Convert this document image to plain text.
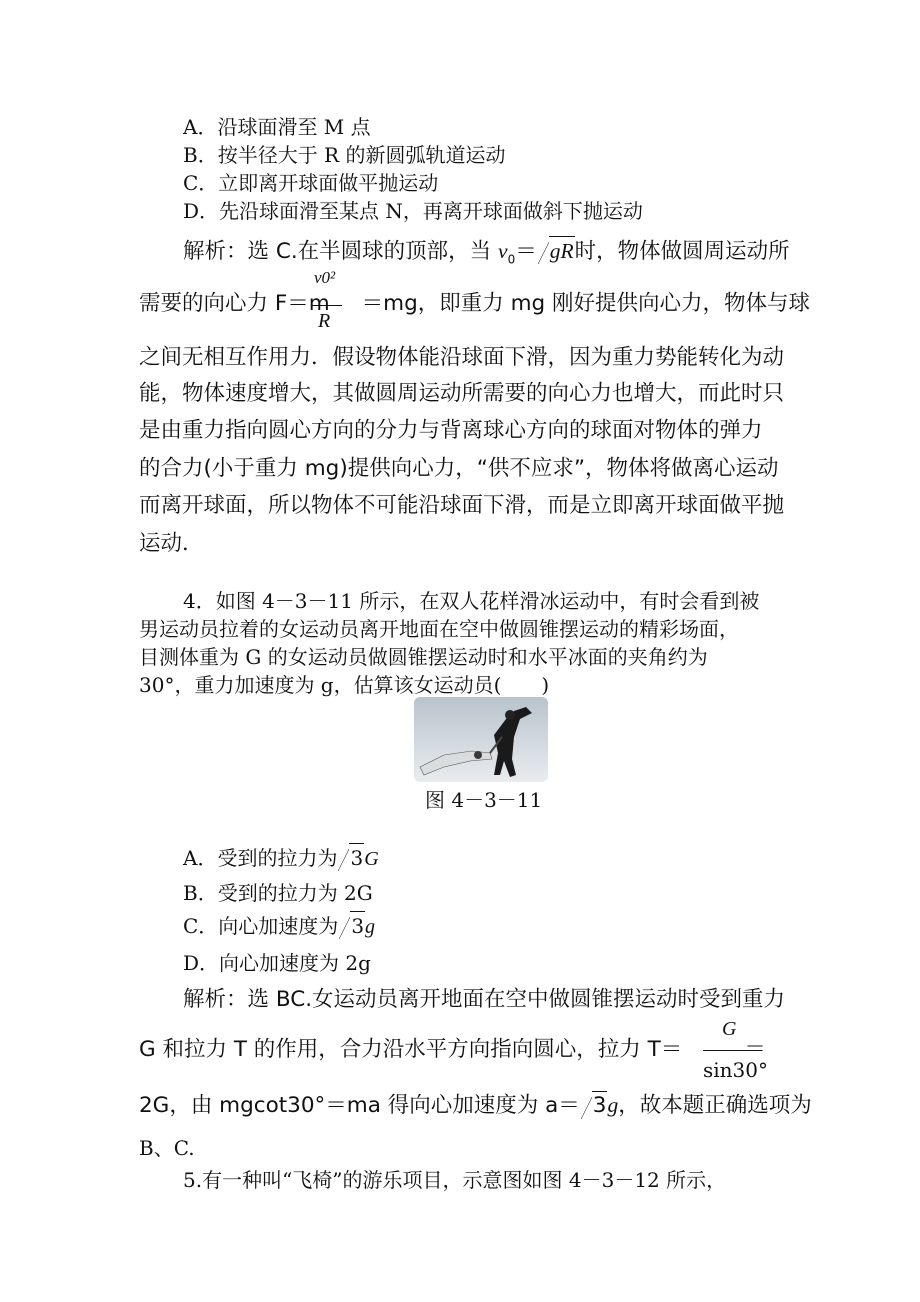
A．沿球面滑至 M 点
B．按半径大于 R 的新圆弧轨道运动
C．立即离开球面做平抛运动
D．先沿球面滑至某点 N，再离开球面做斜下抛运动
解析：选 C.在半圆球的顶部，当 $v_0=$ gR时，物体做圆周运动所
v0²
R
需要的向心力 F＝m ＝mg，即重力 mg 刚好提供向心力，物体与球
之间无相互作用力．假设物体能沿球面下滑，因为重力势能转化为动
能，物体速度增大，其做圆周运动所需要的向心力也增大，而此时只
是由重力指向圆心方向的分力与背离球心方向的球面对物体的弹力
的合力(小于重力 mg)提供向心力，“供不应求”，物体将做离心运动
而离开球面，所以物体不可能沿球面下滑，而是立即离开球面做平抛
运动．
4．如图 4－3－11 所示，在双人花样滑冰运动中，有时会看到被
男运动员拉着的女运动员离开地面在空中做圆锥摆运动的精彩场面，
目测体重为 G 的女运动员做圆锥摆运动时和水平冰面的夹角约为
30°，重力加速度为 g，估算该女运动员(　　)
图 4－3－11
A．受到的拉力为 3G
B．受到的拉力为 2G
C．向心加速度为 3g
D．向心加速度为 2g
解析：选 BC.女运动员离开地面在空中做圆锥摆运动时受到重力
G
sin30°
G 和拉力 T 的作用，合力沿水平方向指向圆心，拉力 T＝	＝
2G，由 mgcot30°＝ma 得向心加速度为 a＝ 3g，故本题正确选项为
B、C.
5.有一种叫“飞椅”的游乐项目，示意图如图 4－3－12 所示，
